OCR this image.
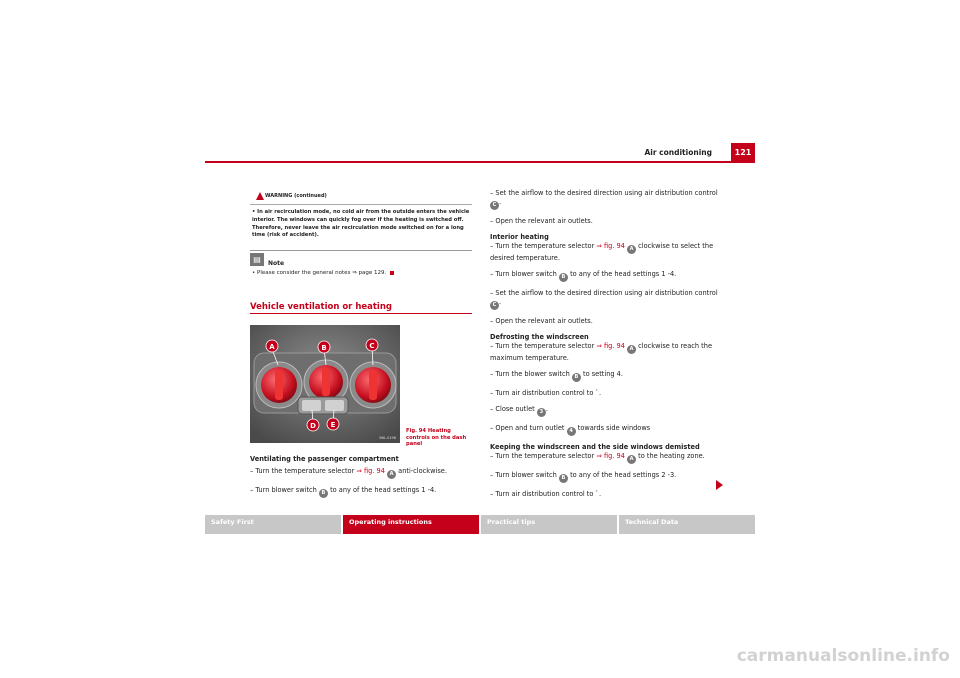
Air conditioning	121
WARNING (continued)
• In air recirculation mode, no cold air from the outside enters the vehicle interior. The windows can quickly fog over if the heating is switched off. Therefore, never leave the air recirculation mode switched on for a long time (risk of accident).
▤	Note
• Please consider the general notes ⇒ page 129.
Vehicle ventilation or heating
A	B	C
D E
B6L-0196
Fig. 94 Heating controls on the dash panel
Ventilating the passenger compartment
– Turn the temperature selector ⇒ fig. 94 A anti-clockwise.
– Turn blower switch B to any of the head settings 1 -4.
– Set the airflow to the desired direction using air distribution control C .
– Open the relevant air outlets.
Interior heating
– Turn the temperature selector ⇒ fig. 94 A clockwise to select the desired temperature.
– Turn blower switch B to any of the head settings 1 -4.
– Set the airflow to the desired direction using air distribution control C .
– Open the relevant air outlets.
Defrosting the windscreen
– Turn the temperature selector ⇒ fig. 94 A clockwise to reach the maximum temperature.
– Turn the blower switch B to setting 4.
– Turn air distribution control to ﾟ.
– Close outlet 3 .
– Open and turn outlet 4 towards side windows
Keeping the windscreen and the side windows demisted
– Turn the temperature selector ⇒ fig. 94 A to the heating zone.
– Turn blower switch B to any of the head settings 2 -3.
– Turn air distribution control to ﾟ.
Safety First	Operating instructions	Practical tips	Technical Data
carmanualsonline.info
